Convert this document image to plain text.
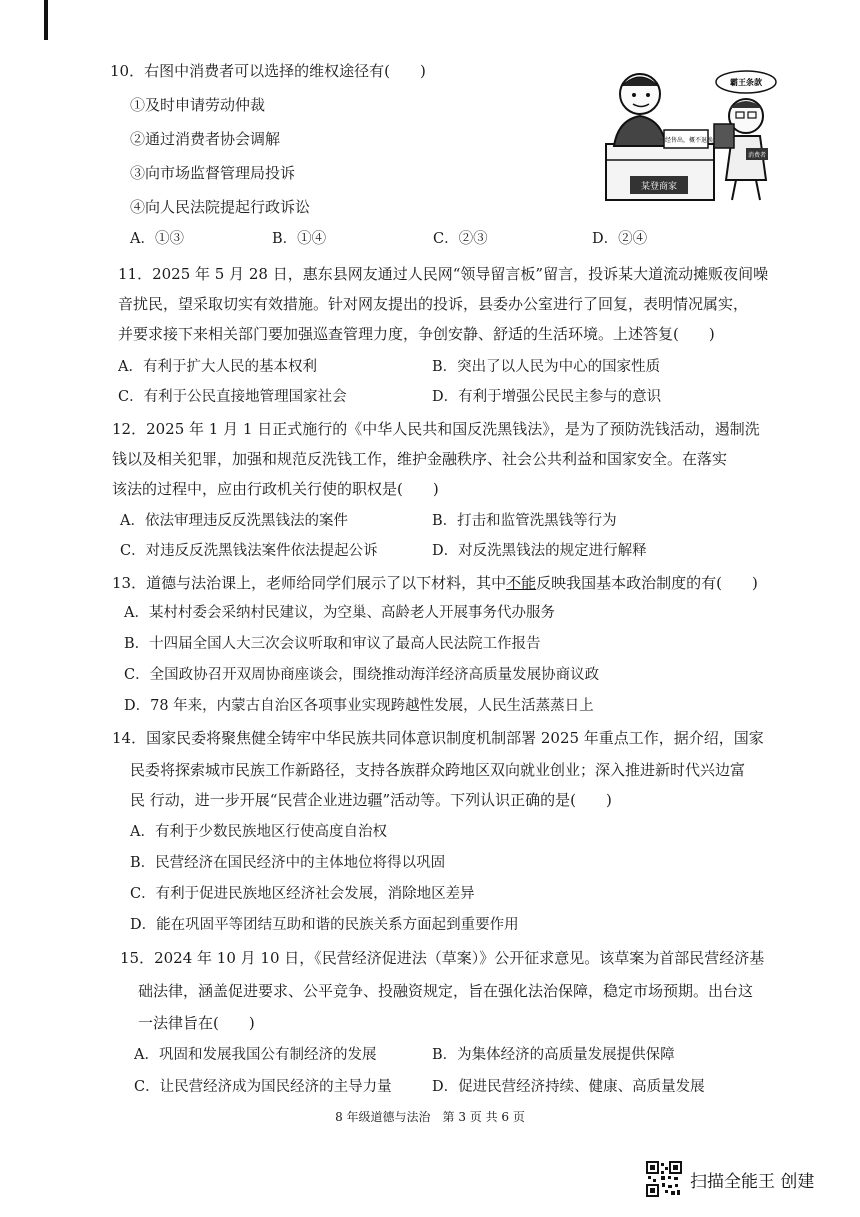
10．右图中消费者可以选择的维权途径有(　　)
①及时申请劳动仲裁
②通过消费者协会调解
③向市场监督管理局投诉
④向人民法院提起行政诉讼
A．①③	B．①④	C．②③	D．②④
某登商家
一经售出，概不退换
消费者
霸王条款
11．2025 年 5 月 28 日，惠东县网友通过人民网“领导留言板”留言，投诉某大道流动摊贩夜间噪
音扰民，望采取切实有效措施。针对网友提出的投诉，县委办公室进行了回复，表明情况属实，
并要求接下来相关部门要加强巡查管理力度，争创安静、舒适的生活环境。上述答复(　　)
A．有利于扩大人民的基本权利	B．突出了以人民为中心的国家性质
C．有利于公民直接地管理国家社会	D．有利于增强公民民主参与的意识
12．2025 年 1 月 1 日正式施行的《中华人民共和国反洗黑钱法》，是为了预防洗钱活动，遏制洗
钱以及相关犯罪，加强和规范反洗钱工作，维护金融秩序、社会公共利益和国家安全。在落实
该法的过程中，应由行政机关行使的职权是(　　)
A．依法审理违反反洗黑钱法的案件	B．打击和监管洗黑钱等行为
C．对违反反洗黑钱法案件依法提起公诉	D．对反洗黑钱法的规定进行解释
13．道德与法治课上，老师给同学们展示了以下材料，其中不能反映我国基本政治制度的有(　　)
A．某村村委会采纳村民建议，为空巢、高龄老人开展事务代办服务
B．十四届全国人大三次会议听取和审议了最高人民法院工作报告
C．全国政协召开双周协商座谈会，围绕推动海洋经济高质量发展协商议政
D．78 年来，内蒙古自治区各项事业实现跨越性发展，人民生活蒸蒸日上
14．国家民委将聚焦健全铸牢中华民族共同体意识制度机制部署 2025 年重点工作，据介绍，国家
民委将探索城市民族工作新路径，支持各族群众跨地区双向就业创业；深入推进新时代兴边富
民 行动，进一步开展“民营企业进边疆”活动等。下列认识正确的是(　　)
A．有利于少数民族地区行使高度自治权
B．民营经济在国民经济中的主体地位将得以巩固
C．有利于促进民族地区经济社会发展，消除地区差异
D．能在巩固平等团结互助和谐的民族关系方面起到重要作用
15．2024 年 10 月 10 日，《民营经济促进法（草案）》公开征求意见。该草案为首部民营经济基
础法律，涵盖促进要求、公平竞争、投融资规定，旨在强化法治保障，稳定市场预期。出台这
一法律旨在(　　)
A．巩固和发展我国公有制经济的发展	B．为集体经济的高质量发展提供保障
C．让民营经济成为国民经济的主导力量	D．促进民营经济持续、健康、高质量发展
8 年级道德与法治　第 3 页 共 6 页
扫描全能王 创建
